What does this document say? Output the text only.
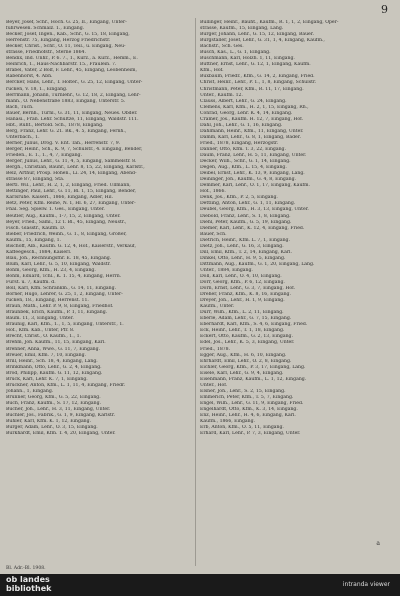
9
Beyer, Josef, Schr., Hoch. G. 25, II., Eingang, Unter-
fuhrwesen. Schmalz. 1., Eingang.
Becker, Josef, Ingen., Kab., Schr., G. 15, 18, Eingang,
Herrenstr. 75, Eingang, Herzog Friedrichstr.
Becker, Christ., Schr., O. 11, Teil., u. Eingang, Neu-
strasse, Friedhofstr., Sterne 1864.
Bendix, Ind. Unhr., P. 6. 7., 1., Kurz., a. Kurz., Hemm., E.
Heinrich, 1., Haus-Nachbarstr. 15., Fräulein. 7.
Brabel, Vater, 2 Bolf, F. Lehr., 45, Eingang, Leobenheim,
Rabenhorst, 4. Abh.
Bercker, Hans, Lehr., T. Holter., G. 25, 12, Eingang, Unter-
rucken, V. 18, 1., Eingang.
Berrmann, Johann, Turnlehr., G. 12, 18, 2, Eingang, Lehr-
mann., O. Nebenstraße 1883, Eingang, Unterstr. 5.
Bach, Tuch.
Bauer, Bernh., Turnl., G. 31, 11, Eingang, Neues. Obder.
Hanasi., Fran. Lehr. Schultze, 11, Eingang, Waldstr. 111.
Hbt., Ruht., Bertold. Sch., 1878, Eingang.
Berg, Franz, Lehr. G. 21. Bk., 4. 5, Eingang, Fernh.,
Unterbach., 1.
Berner, Julius, Drog. V. Ent. Tah., Herrenstr. 7, 9.
Berger, Heinr., Sch., K. 9, 7, Schulstr., 4. Eingang, Bender,
Frieden., E. 1., 1., 4, 7, Eingang.
Berger, Julius, Lehr., G. 11, 4, 5, Eingang, Sammelstr. 8.
Bergh., Christian, Bauhr., Lehr. 8, 15, 22, Eingang, Karlstr.,
Belz, Arthur, Prosp. Hohen., Li. 24, 14, Eingang, Abend-
strasse 87, Eingang, Sta.
Bertl. Wil., Lehr., H. 2, 1, 2, Eingang, Fried. Ullmann,
Bettinger, Paul, Lehr., G. 11, Bl. 1, 15, Eingang, Bender,
Karlsruhe. Kaiserl., 1866, Eingang, Adler, Hil.
Betz, Peter, Kfm. Reihe, N. 1, Hl. 6, 27, Eingang, Unter-
Fhal. Seg. Spielw. 1. Ges., Eingang, Unter.
Beutler, Aug., Kaufm., 1-7, 15, 2, Eingang, Unter.
Beyer, Fried., Saml., 12 T. Bl., 45, Eingang, Neustr.,
Fisch. Glasstr., Kaufm. D.
Bieber, Friedrich, Weinh., G. 1., 8, Eingang, Großer,
Kaufm., 15, Eingang, 1.
Bischoff, Alb., Kaufm. G. 12, 4, Hof., Kaiserstr., Verkauf,
Kaffeegesch., 1884, Kaiserl.
Blau, Joh., Rechnungsfhr. E. 18, 45, Eingang.
Blum, Karl, Lehr., G. 5, 10, Eingang, Waldstr.
Böhm, Georg, Kfm., H. 23, 4, Eingang.
Böhm, Eduard, Tchl., K. 1. 15, 4, Eingang, Herrn.
Fürst. u. 7, Kaufm. d.
Boll, Karl, Kfm. Schrankm., G. 14, 11, Eingang.
Borner, Hugo, Lehrer, G. 25, 1, 2, Eingang, Unter-
rucken, 18., Eingang, Herrenst. 11.
Braun, Math., Lehr. P. 9, 8, Eingang, Friedhof.
Braunbek, Erich, Kaufm., P. 1, 11, Eingang.
Baum. 11, 3, Eingang, Unter.
Bräunig, Karl, Kfm., 1., 1, 5, Eingang, Unterstr., 1.
Hof., Kfm. Kab., Unter, Pfr. 8.
Brecht, Christ., O. Kaufm., 1., 1.
Brehm, Joh. Kaufm., 11, 15, Eingang, Karl.
Brenner, Anna, Wwe., G. 11, 7, Eingang.
Breuer, Emil, Kfm. 7, 10, Eingang.
Brill, Heinr., Sch. 18, 4, Eingang, Lang.
Brinkmann, Otto, Lehr., G. 2, 4, Eingang.
Brod, Philipp, Kaufm. G. 11, 12, Eingang.
Brück, Karl, Lehr. K. 7, 1, Eingang.
Brückner, Anton, Kfm., L. 1, 11, 4, Eingang, Friedr.
Johann., 1, Eingang.
Brunner, Georg, Kfm., G. 5, 22, Eingang.
Buch, Franz, Kaufm., S. 17, 12, Eingang.
Bucher, Joh., Lehr., H. 3, 11, Eingang, Unter.
Büchler, Jos., Fabrik., G. 1, 9, Eingang, Karlstr.
Bühler, Karl, Kfm. K. 1, 12, Eingang.
Bürger, Adam, Lehr., O. 3, 15, Eingang.
Burkhardt, Emil, Kfm. T. 4, 20, Eingang, Unter.
Bullinger, Heinr., Bauht., Kaufm., R. 1, 1, 2, Eingang, Oper-
strasse, Kaufm., 15, Eingang, Lang.
Burger, Johann, Lehr., G. 15, 12, Eingang, Bauer.
Burgstaller, Josef, Lehr., G. 31, 1, 4, Eingang, Kaufm.,
Bachstr., Sch. Ges.
Busch, Kas., L., G. 1, Eingang.
Buschmann, Karl, Holzh. 1, 11, Eingang.
Büttner, Ernst, Lehr., G. 12, 1, Eingang, Kaufm.
Kfm., Hof.
Buxbaum, Friedr., Kfm., G. 14, 2, Eingang, Fried.
Christ, Heinr., Lehr., P. 1., 1, 8, Eingang, Schulstr.
Christmann, Peter, Kfm., R. 11, 17, Eingang.
Unter., Kaufm. 12.
Clauss, Albert, Lehr., G. 24, Eingang.
Clemens, Karl, Kfm., H. 2, 1, 15, Eingang, Rh.,
Conrad, Georg, Lehr. K. 4, 14, Eingang.
Cramer, Jos., Kaufm. H. 12, 7, Eingang, Hof.
Dahl, Joh., Lehr., G. 1, 16, Eingang.
Dahlmann, Heinr., Kfm., 11, Eingang, Unter.
Damm, Karl, Lehr., G. 8, 1, Eingang, Bader.
Fried., 1878, Eingang, Herzogstr.
Danner, Otto, Kfm. T. 3, 22, Eingang.
Daum, Franz, Lehr., H. 5, 11, Eingang, Unter.
Decker, Wilh., Schr., G. 1, 14, Eingang.
Degen, Aug., Kfm., L. 15, 4, Eingang.
Deibel, Ernst, Lehr., K. 13, 9, Eingang, Lang.
Deininger, Joh., Kaufm., G. 4, 8, Eingang.
Demmer, Karl, Lehr., O. 1, 17, Eingang, Kaufm.
Hof., 1866.
Denk, Jos., Kfm., P. 2, 5, Eingang.
Dettling, Anton, Lehr., G. 1, 11, Eingang.
Deubel, Georg, Kfm., H. 3, 13, Eingang, Unter.
Diebold, Franz, Lehr., S. 1, 8, Eingang.
Diehl, Peter, Kaufm., G. 5, 19, Eingang.
Diemer, Karl, Lehr., K. 12, 4, Eingang, Fried.
Bauer, Sch.
Dietrich, Heinr., Kfm. L. 7, 1, Eingang.
Dietz, Joh., Lehr., G. 16, 3, Eingang.
Dill, Emil, Kfm., T. 2, 14, Eingang, Karl.
Dinkel, Otto, Lehr., H. 9, 5, Eingang.
Dittmann, Aug., Kaufm., G. 1, 20, Eingang, Lang.
Unter., 1884, Eingang.
Doll, Karl, Lehr., O. 4, 10, Eingang.
Dörr, Georg, Kfm., P. 6, 12, Eingang.
Dorn, Ernst, Lehr., G. 3, 7, Eingang, Hof.
Dreher, Franz, Kfm., K. 8, 16, Eingang.
Dreyer, Joh., Lehr., H. 1, 9, Eingang.
Kaufm., Unter.
Dürr, Wilh., Kfm., L. 2, 11, Eingang.
Eberle, Adam, Lehr., G. 7, 15, Eingang.
Eberhardt, Karl, Kfm., S. 4, 6, Eingang, Fried.
Eck, Heinr., Lehr., T. 1, 18, Eingang.
Eckert, Otto, Kaufm., G. 2, 13, Eingang.
Edel, Jos., Lehr., K. 5, 3, Eingang, Unter.
Fried., 1878.
Egger, Aug., Kfm., H. 6, 10, Eingang.
Ehrhardt, Emil, Lehr., O. 2, 8, Eingang.
Eichler, Georg, Kfm., P. 3, 17, Eingang, Lang.
Eisele, Karl, Lehr., G. 9, 4, Eingang.
Eisenmann, Franz, Kaufm., L. 1, 12, Eingang.
Unter., Hof.
Elsner, Joh., Lehr., S. 2, 15, Eingang.
Emmerich, Peter, Kfm., T. 5, 7, Eingang.
Engel, Wilh., Lehr., G. 11, 9, Eingang, Fried.
Engelhardt, Otto, Kfm., K. 3, 14, Eingang.
Enz, Heinr., Lehr., H. 4, 6, Eingang, Karl.
Kaufm., 1866, Eingang.
Erb, Anton, Kfm., O. 5, 11, Eingang.
Erhard, Karl, Lehr., P. 7, 3, Eingang, Unter.
a
Bl. Adr.-Bl. 1908.
ob landes
bibliothek	intranda viewer
